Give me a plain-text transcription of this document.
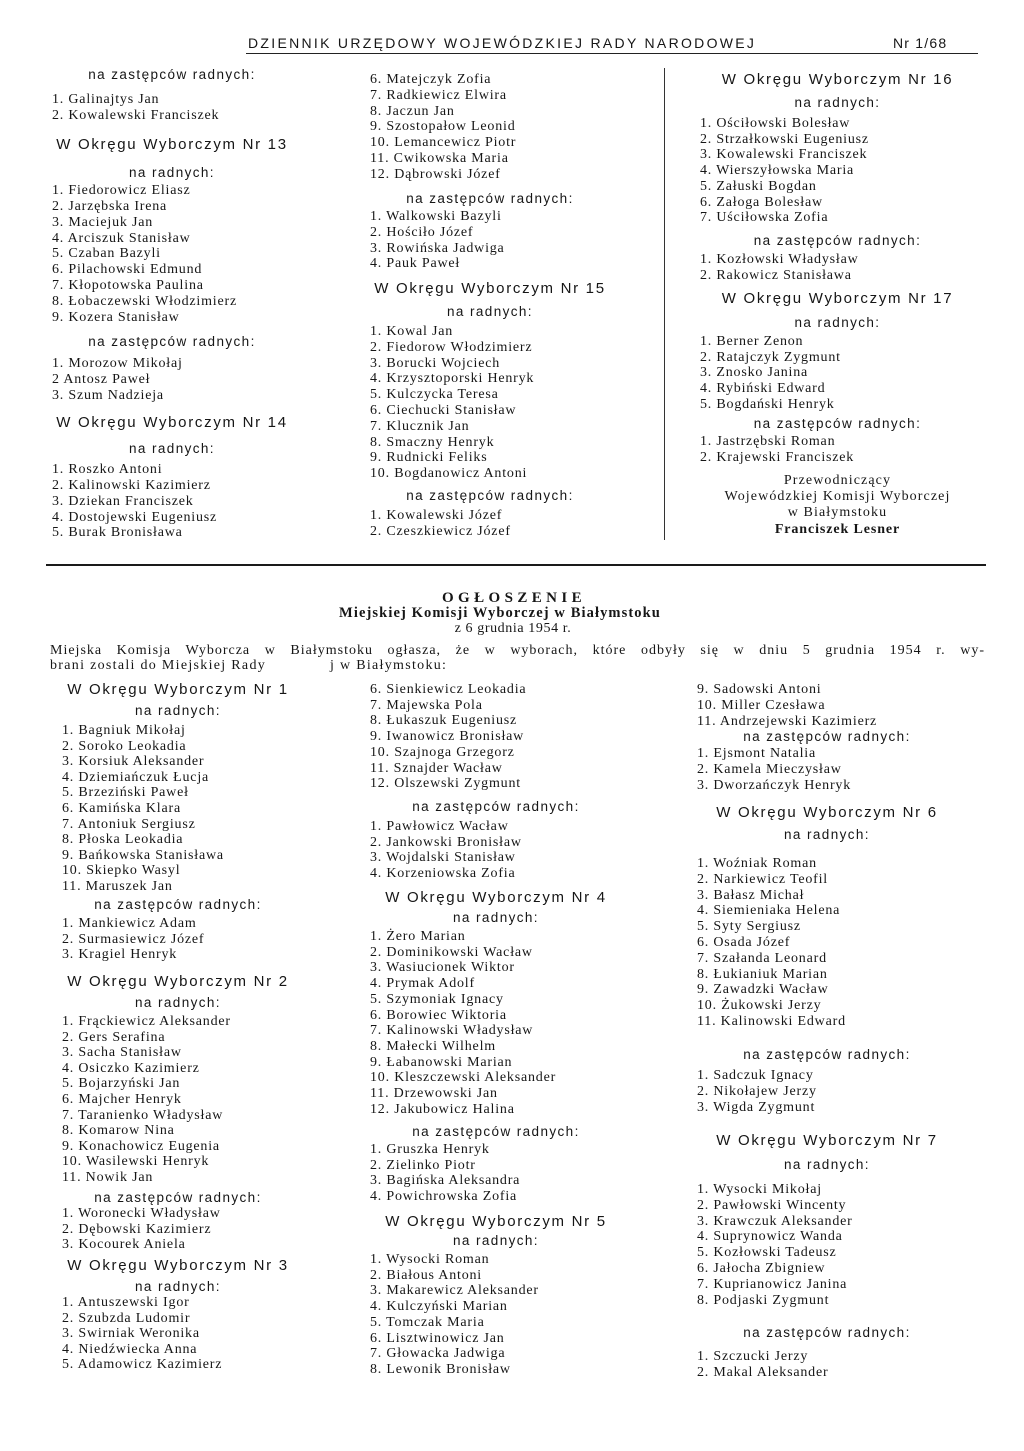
DZIENNIK URZĘDOWY WOJEWÓDZKIEJ RADY NARODOWEJ	Nr 1/68
na zastępców radnych:
1. Galinajtys Jan
2. Kowalewski Franciszek
W Okręgu Wyborczym Nr 13
na radnych:
1. Fiedorowicz Eliasz
2. Jarzębska Irena
3. Maciejuk Jan
4. Arciszuk Stanisław
5. Czaban Bazyli
6. Pilachowski Edmund
7. Kłopotowska Paulina
8. Łobaczewski Włodzimierz
9. Kozera Stanisław
na zastępców radnych:
1. Morozow Mikołaj
2 Antosz Paweł
3. Szum Nadzieja
W Okręgu Wyborczym Nr 14
na radnych:
1. Roszko Antoni
2. Kalinowski Kazimierz
3. Dziekan Franciszek
4. Dostojewski Eugeniusz
5. Burak Bronisława
6. Matejczyk Zofia
7. Radkiewicz Elwira
8. Jaczun Jan
9. Szostopałow Leonid
10. Lemancewicz Piotr
11. Cwikowska Maria
12. Dąbrowski Józef
na zastępców radnych:
1. Walkowski Bazyli
2. Hościło Józef
3. Rowińska Jadwiga
4. Pauk Paweł
W Okręgu Wyborczym Nr 15
na radnych:
1. Kowal Jan
2. Fiedorow Włodzimierz
3. Borucki Wojciech
4. Krzysztoporski Henryk
5. Kulczycka Teresa
6. Ciechucki Stanisław
7. Klucznik Jan
8. Smaczny Henryk
9. Rudnicki Feliks
10. Bogdanowicz Antoni
na zastępców radnych:
1. Kowalewski Józef
2. Czeszkiewicz Józef
W Okręgu Wyborczym Nr 16
na radnych:
1. Ościłowski Bolesław
2. Strzałkowski Eugeniusz
3. Kowalewski Franciszek
4. Wierszyłowska Maria
5. Załuski Bogdan
6. Załoga Bolesław
7. Uściłowska Zofia
na zastępców radnych:
1. Kozłowski Władysław
2. Rakowicz Stanisława
W Okręgu Wyborczym Nr 17
na radnych:
1. Berner Zenon
2. Ratajczyk Zygmunt
3. Znosko Janina
4. Rybiński Edward
5. Bogdański Henryk
na zastępców radnych:
1. Jastrzębski Roman
2. Krajewski Franciszek
Przewodniczący
Wojewódzkiej Komisji Wyborczej
w Białymstoku
Franciszek Lesner
OGŁOSZENIE
Miejskiej Komisji Wyborczej w Białymstoku
z 6 grudnia 1954 r.
Miejska Komisja Wyborcza w Białymstoku ogłasza, że w wyborach, które odbyły się w dniu 5 grudnia 1954 r. wy-
brani zostali do Miejskiej Rady	j w Białymstoku:
W Okręgu Wyborczym Nr 1
na radnych:
1. Bagniuk Mikołaj
2. Soroko Leokadia
3. Korsiuk Aleksander
4. Dziemiańczuk Łucja
5. Brzeziński Paweł
6. Kamińska Klara
7. Antoniuk Sergiusz
8. Płoska Leokadia
9. Bańkowska Stanisława
10. Skiepko Wasyl
11. Maruszek Jan
na zastępców radnych:
1. Mankiewicz Adam
2. Surmasiewicz Józef
3. Kragiel Henryk
W Okręgu Wyborczym Nr 2
na radnych:
1. Frąckiewicz Aleksander
2. Gers Serafina
3. Sacha Stanisław
4. Osiczko Kazimierz
5. Bojarzyński Jan
6. Majcher Henryk
7. Taranienko Władysław
8. Komarow Nina
9. Konachowicz Eugenia
10. Wasilewski Henryk
11. Nowik Jan
na zastępców radnych:
1. Woronecki Władysław
2. Dębowski Kazimierz
3. Kocourek Aniela
W Okręgu Wyborczym Nr 3
na radnych:
1. Antuszewski Igor
2. Szubzda Ludomir
3. Swirniak Weronika
4. Niedźwiecka Anna
5. Adamowicz Kazimierz
6. Sienkiewicz Leokadia
7. Majewska Pola
8. Łukaszuk Eugeniusz
9. Iwanowicz Bronisław
10. Szajnoga Grzegorz
11. Sznajder Wacław
12. Olszewski Zygmunt
na zastępców radnych:
1. Pawłowicz Wacław
2. Jankowski Bronisław
3. Wojdalski Stanisław
4. Korzeniowska Zofia
W Okręgu Wyborczym Nr 4
na radnych:
1. Żero Marian
2. Dominikowski Wacław
3. Wasiucionek Wiktor
4. Prymak Adolf
5. Szymoniak Ignacy
6. Borowiec Wiktoria
7. Kalinowski Władysław
8. Małecki Wilhelm
9. Łabanowski Marian
10. Kleszczewski Aleksander
11. Drzewowski Jan
12. Jakubowicz Halina
na zastępców radnych:
1. Gruszka Henryk
2. Zielinko Piotr
3. Bagińska Aleksandra
4. Powichrowska Zofia
W Okręgu Wyborczym Nr 5
na radnych:
1. Wysocki Roman
2. Białous Antoni
3. Makarewicz Aleksander
4. Kulczyński Marian
5. Tomczak Maria
6. Lisztwinowicz Jan
7. Głowacka Jadwiga
8. Lewonik Bronisław
9. Sadowski Antoni
10. Miller Czesława
11. Andrzejewski Kazimierz
na zastępców radnych:
1. Ejsmont Natalia
2. Kamela Mieczysław
3. Dworzańczyk Henryk
W Okręgu Wyborczym Nr 6
na radnych:
1. Woźniak Roman
2. Narkiewicz Teofil
3. Bałasz Michał
4. Siemieniaka Helena
5. Syty Sergiusz
6. Osada Józef
7. Szałanda Leonard
8. Łukianiuk Marian
9. Zawadzki Wacław
10. Żukowski Jerzy
11. Kalinowski Edward
na zastępców radnych:
1. Sadczuk Ignacy
2. Nikołajew Jerzy
3. Wigda Zygmunt
W Okręgu Wyborczym Nr 7
na radnych:
1. Wysocki Mikołaj
2. Pawłowski Wincenty
3. Krawczuk Aleksander
4. Suprynowicz Wanda
5. Kozłowski Tadeusz
6. Jałocha Zbigniew
7. Kuprianowicz Janina
8. Podjaski Zygmunt
na zastępców radnych:
1. Szczucki Jerzy
2. Makal Aleksander
